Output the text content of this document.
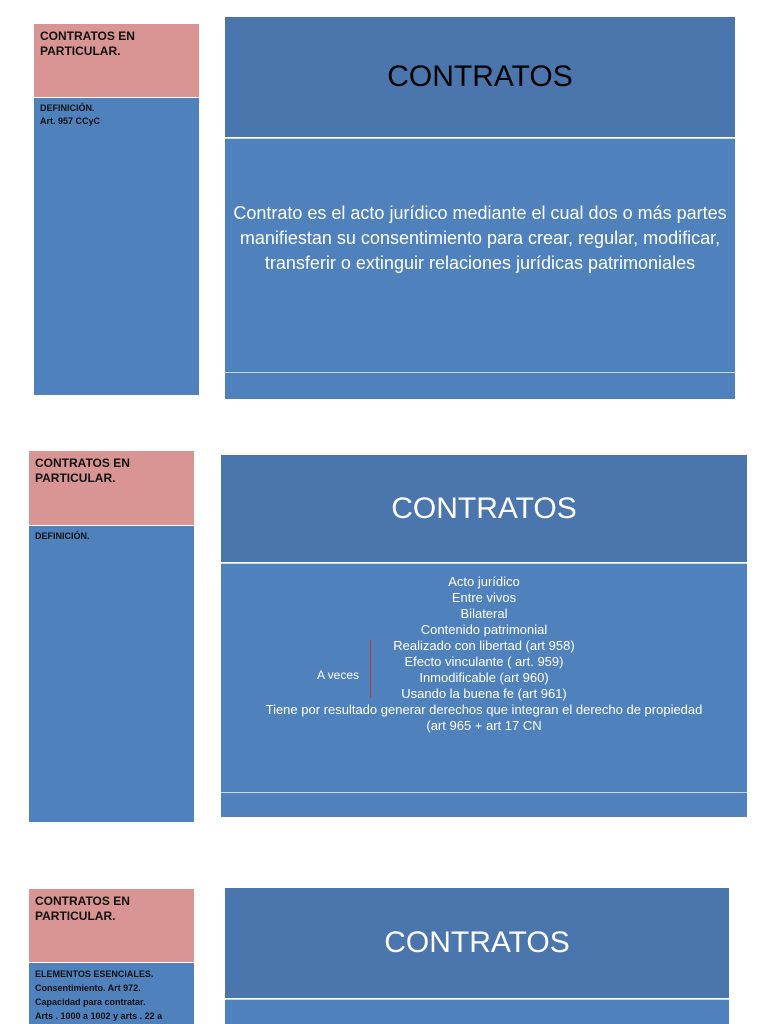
CONTRATOS EN PARTICULAR.
DEFINICIÓN.
Art. 957 CCyC
CONTRATOS
Contrato es el acto jurídico mediante el cual dos o más partes manifiestan su consentimiento para crear, regular, modificar, transferir o extinguir relaciones jurídicas patrimoniales
CONTRATOS EN PARTICULAR.
DEFINICIÓN.
CONTRATOS
Acto jurídico
Entre vivos
Bilateral
Contenido patrimonial
Realizado con libertad (art 958)
Efecto vinculante ( art. 959)
Inmodificable (art 960)
Usando la buena fe (art 961)
Tiene por resultado generar derechos que integran el derecho de propiedad
(art 965 + art 17 CN
A veces
CONTRATOS EN PARTICULAR.
ELEMENTOS ESENCIALES.
Consentimiento. Art 972.
Capacidad para contratar.
Arts . 1000 a 1002 y arts . 22 a
CONTRATOS
